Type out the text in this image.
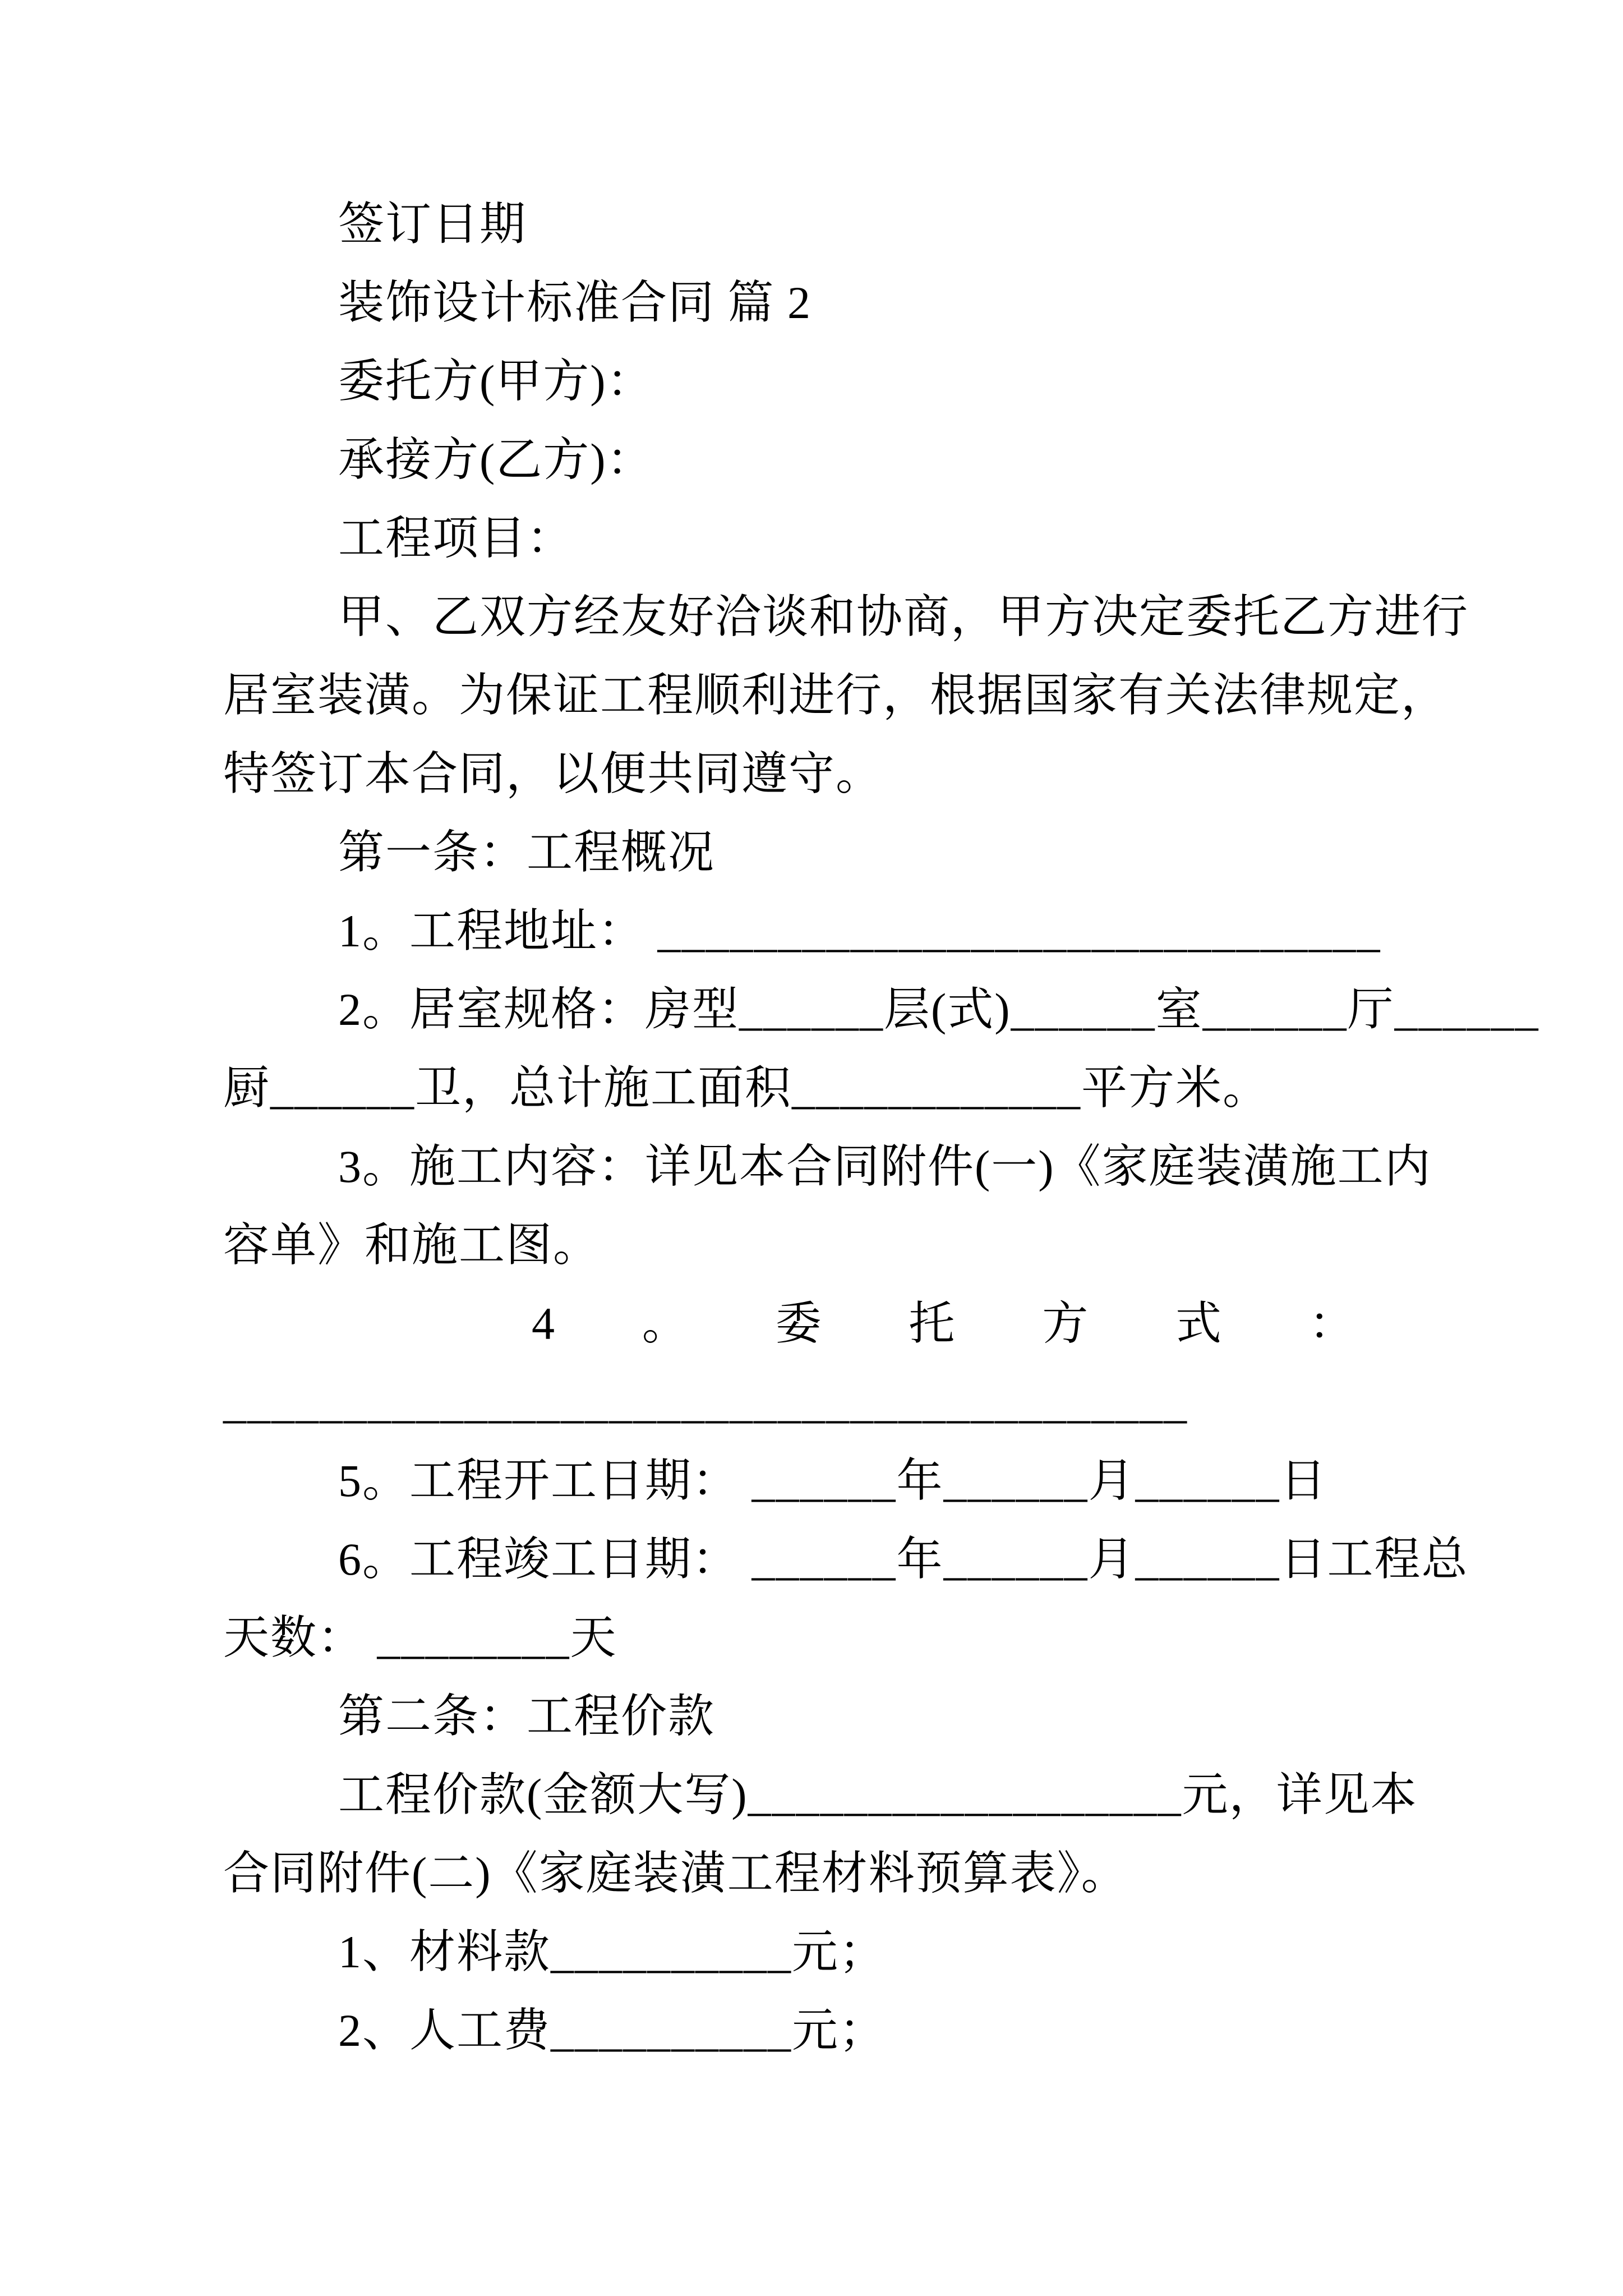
签订日期
装饰设计标准合同 篇 2
委托方(甲方)：
承接方(乙方)：
工程项目：
甲、乙双方经友好洽谈和协商，甲方决定委托乙方进行
居室装潢。为保证工程顺利进行，根据国家有关法律规定，
特签订本合同，以便共同遵守。
第一条：工程概况
1。工程地址： ______________________________
2。居室规格：房型______层(式)______室______厅______
厨______卫，总计施工面积____________平方米。
3。施工内容：详见本合同附件(一)《家庭装潢施工内
容单》和施工图。
4。委托方式：
________________________________________
5。工程开工日期： ______年______月______日
6。工程竣工日期： ______年______月______日工程总
天数： ________天
第二条：工程价款
工程价款(金额大写)__________________元，详见本
合同附件(二)《家庭装潢工程材料预算表》。
1、材料款__________元；
2、人工费__________元；
